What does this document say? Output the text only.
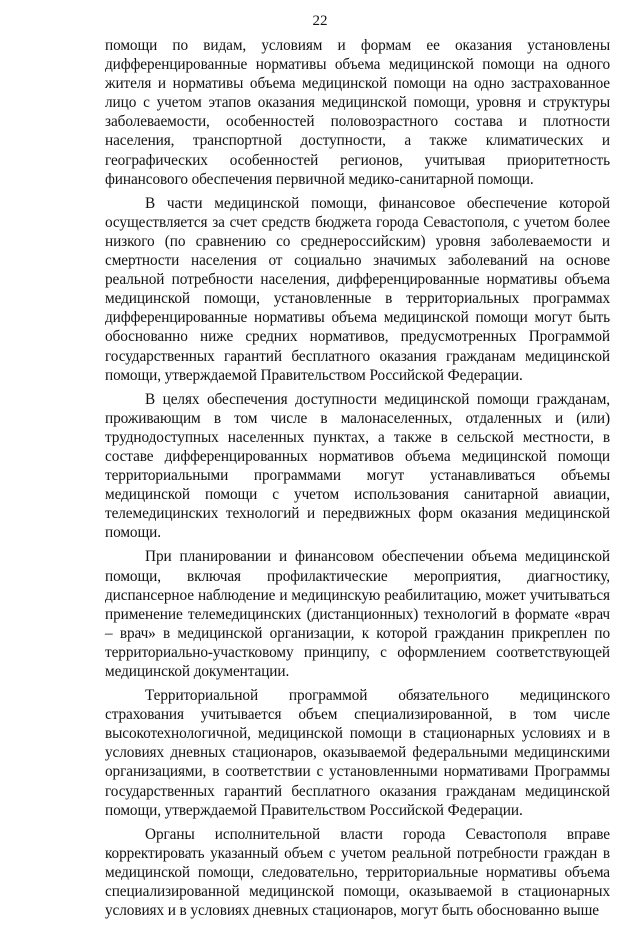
22

помощи по видам, условиям и формам ее оказания установлены дифференцированные нормативы объема медицинской помощи на одного жителя и нормативы объема медицинской помощи на одно застрахованное лицо с учетом этапов оказания медицинской помощи, уровня и структуры заболеваемости, особенностей половозрастного состава и плотности населения, транспортной доступности, а также климатических и географических особенностей регионов, учитывая приоритетность финансового обеспечения первичной медико-санитарной помощи.

В части медицинской помощи, финансовое обеспечение которой осуществляется за счет средств бюджета города Севастополя, с учетом более низкого (по сравнению со среднероссийским) уровня заболеваемости и смертности населения от социально значимых заболеваний на основе реальной потребности населения, дифференцированные нормативы объема медицинской помощи, установленные в территориальных программах дифференцированные нормативы объема медицинской помощи могут быть обоснованно ниже средних нормативов, предусмотренных Программой государственных гарантий бесплатного оказания гражданам медицинской помощи, утверждаемой Правительством Российской Федерации.

В целях обеспечения доступности медицинской помощи гражданам, проживающим в том числе в малонаселенных, отдаленных и (или) труднодоступных населенных пунктах, а также в сельской местности, в составе дифференцированных нормативов объема медицинской помощи территориальными программами могут устанавливаться объемы медицинской помощи с учетом использования санитарной авиации, телемедицинских технологий и передвижных форм оказания медицинской помощи.

При планировании и финансовом обеспечении объема медицинской помощи, включая профилактические мероприятия, диагностику, диспансерное наблюдение и медицинскую реабилитацию, может учитываться применение телемедицинских (дистанционных) технологий в формате «врач – врач» в медицинской организации, к которой гражданин прикреплен по территориально-участковому принципу, с оформлением соответствующей медицинской документации.

Территориальной программой обязательного медицинского страхования учитывается объем специализированной, в том числе высокотехнологичной, медицинской помощи в стационарных условиях и в условиях дневных стационаров, оказываемой федеральными медицинскими организациями, в соответствии с установленными нормативами Программы государственных гарантий бесплатного оказания гражданам медицинской помощи, утверждаемой Правительством Российской Федерации.

Органы исполнительной власти города Севастополя вправе корректировать указанный объем с учетом реальной потребности граждан в медицинской помощи, следовательно, территориальные нормативы объема специализированной медицинской помощи, оказываемой в стационарных условиях и в условиях дневных стационаров, могут быть обоснованно выше
